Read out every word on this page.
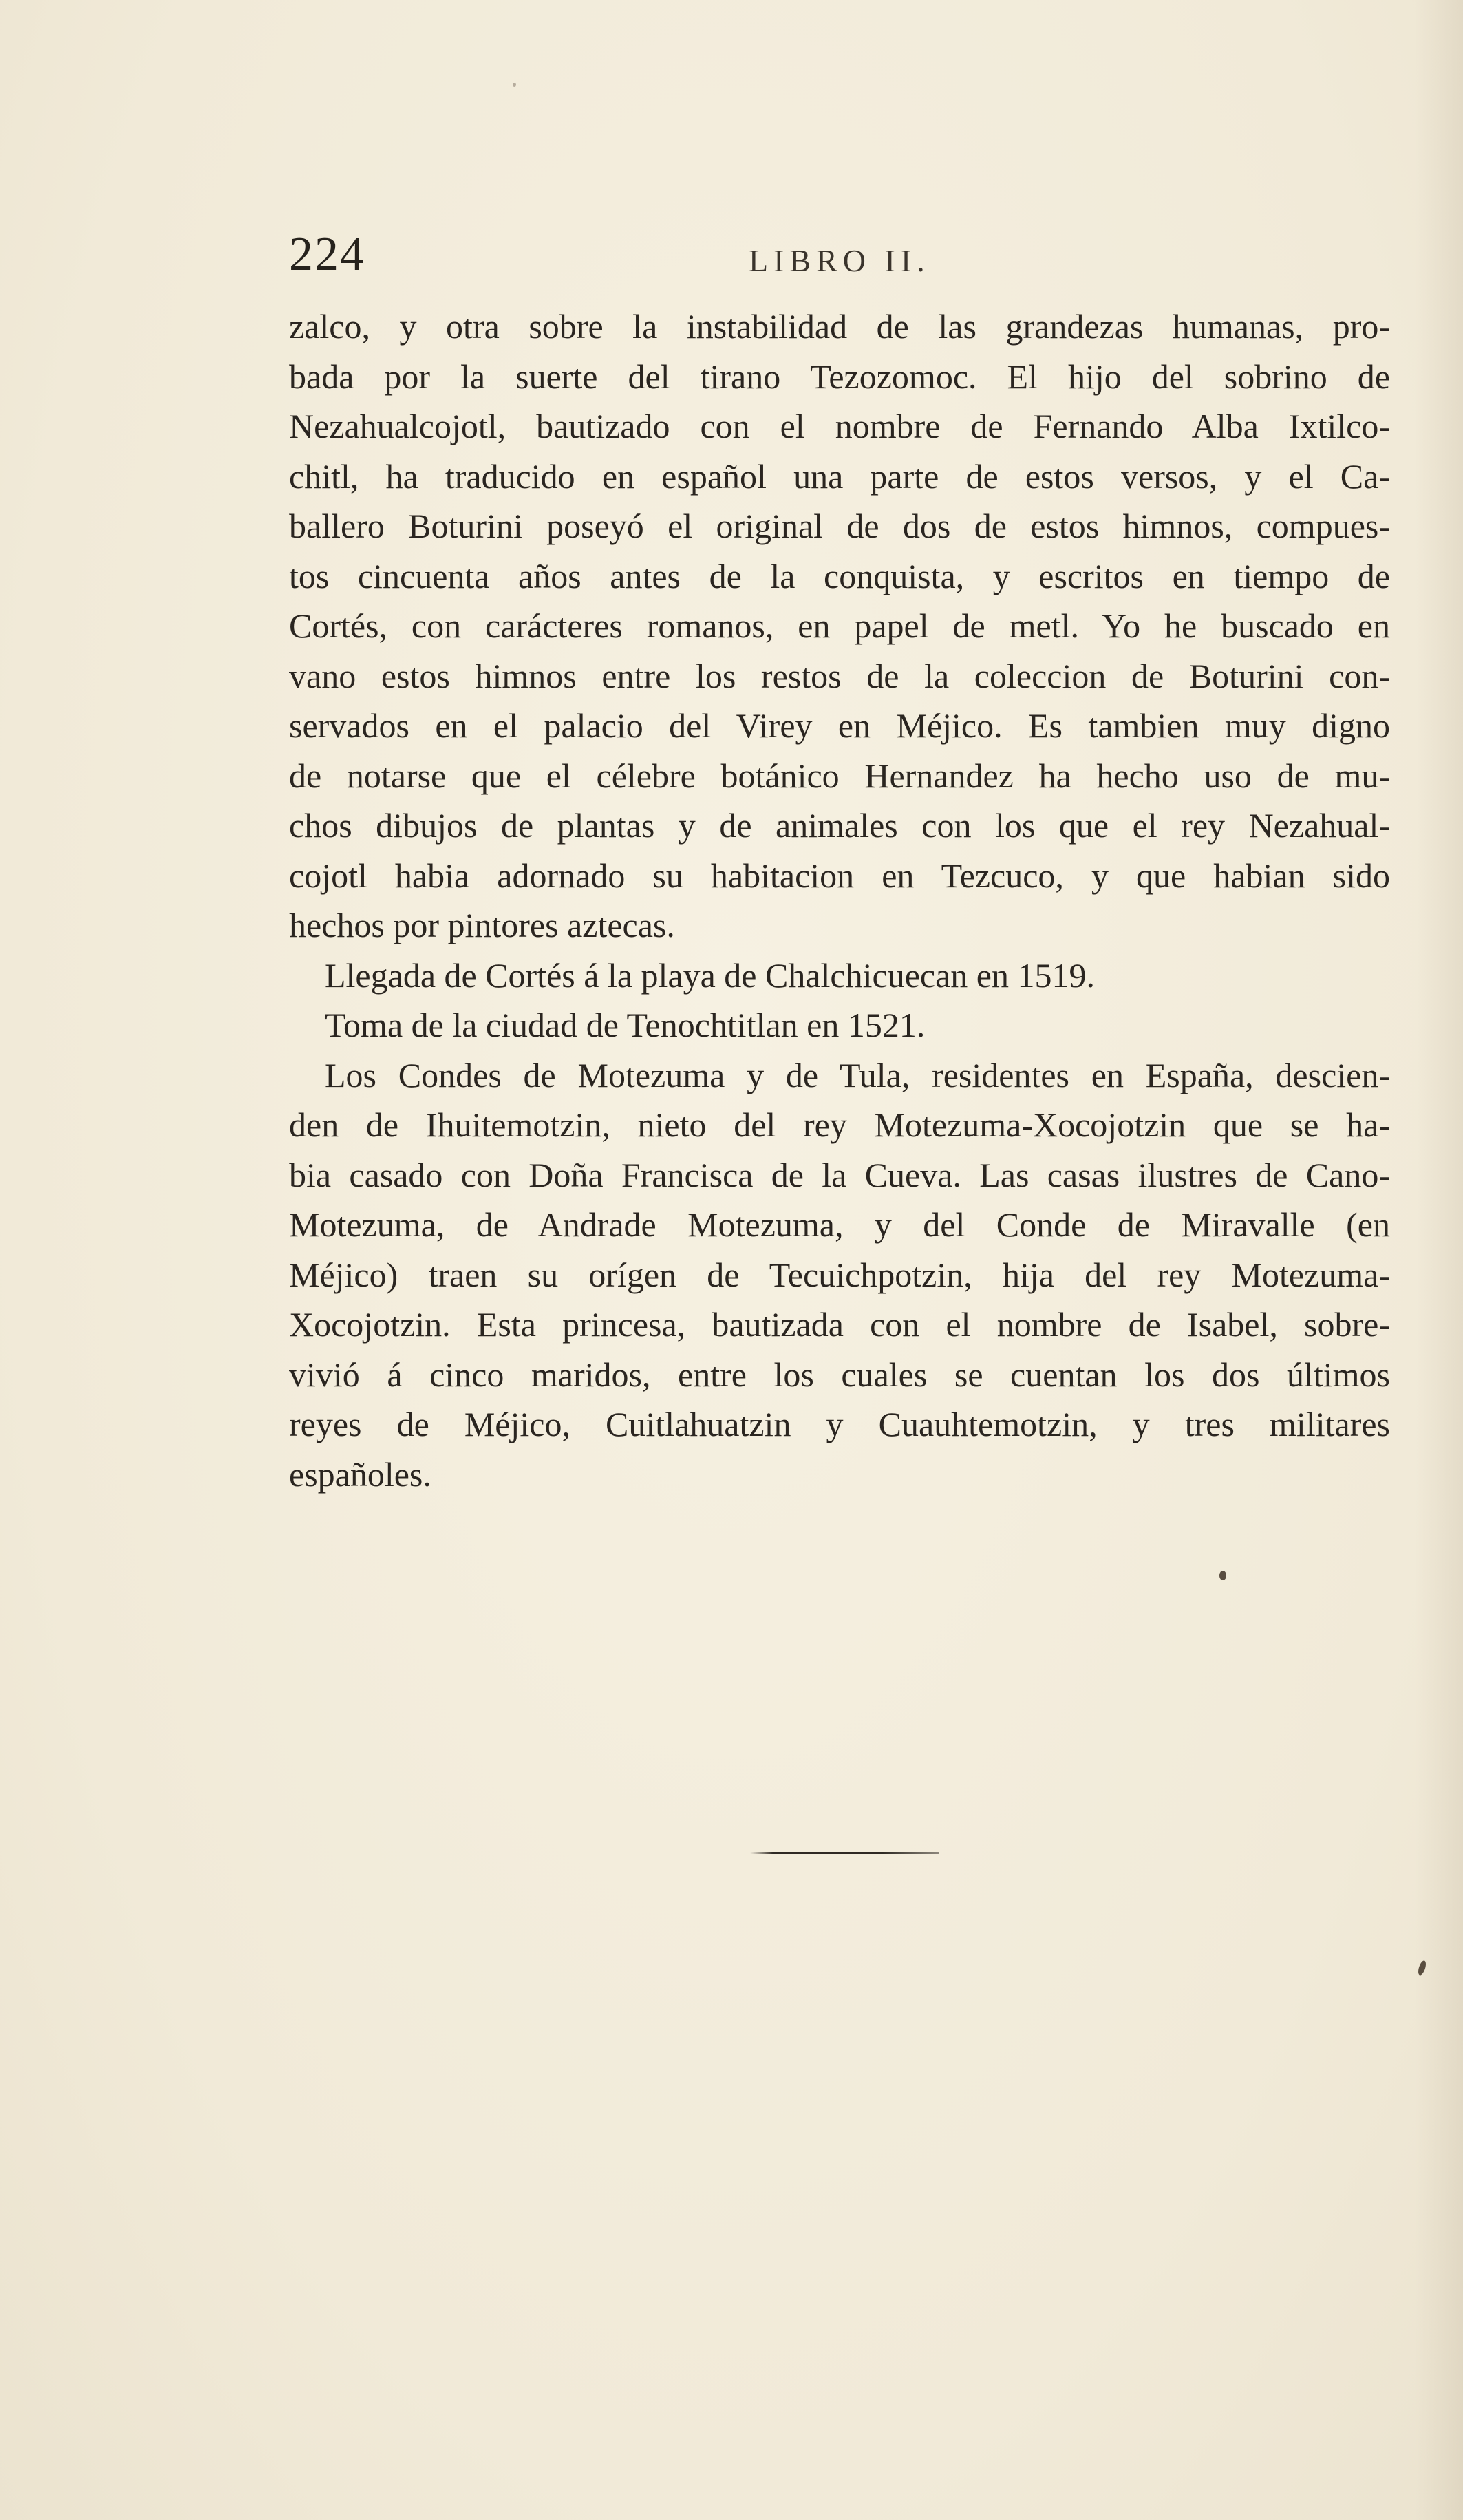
224	LIBRO II.
zalco, y otra sobre la instabilidad de las grandezas humanas, pro-
bada por la suerte del tirano Tezozomoc. El hijo del sobrino de
Nezahualcojotl, bautizado con el nombre de Fernando Alba Ixtilco-
chitl, ha traducido en español una parte de estos versos, y el Ca-
ballero Boturini poseyó el original de dos de estos himnos, compues-
tos cincuenta años antes de la conquista, y escritos en tiempo de
Cortés, con carácteres romanos, en papel de metl. Yo he buscado en
vano estos himnos entre los restos de la coleccion de Boturini con-
servados en el palacio del Virey en Méjico. Es tambien muy digno
de notarse que el célebre botánico Hernandez ha hecho uso de mu-
chos dibujos de plantas y de animales con los que el rey Nezahual-
cojotl habia adornado su habitacion en Tezcuco, y que habian sido
hechos por pintores aztecas.
Llegada de Cortés á la playa de Chalchicuecan en 1519.
Toma de la ciudad de Tenochtitlan en 1521.
Los Condes de Motezuma y de Tula, residentes en España, descien-
den de Ihuitemotzin, nieto del rey Motezuma-Xocojotzin que se ha-
bia casado con Doña Francisca de la Cueva. Las casas ilustres de Cano-
Motezuma, de Andrade Motezuma, y del Conde de Miravalle (en
Méjico) traen su orígen de Tecuichpotzin, hija del rey Motezuma-
Xocojotzin. Esta princesa, bautizada con el nombre de Isabel, sobre-
vivió á cinco maridos, entre los cuales se cuentan los dos últimos
reyes de Méjico, Cuitlahuatzin y Cuauhtemotzin, y tres militares
españoles.
